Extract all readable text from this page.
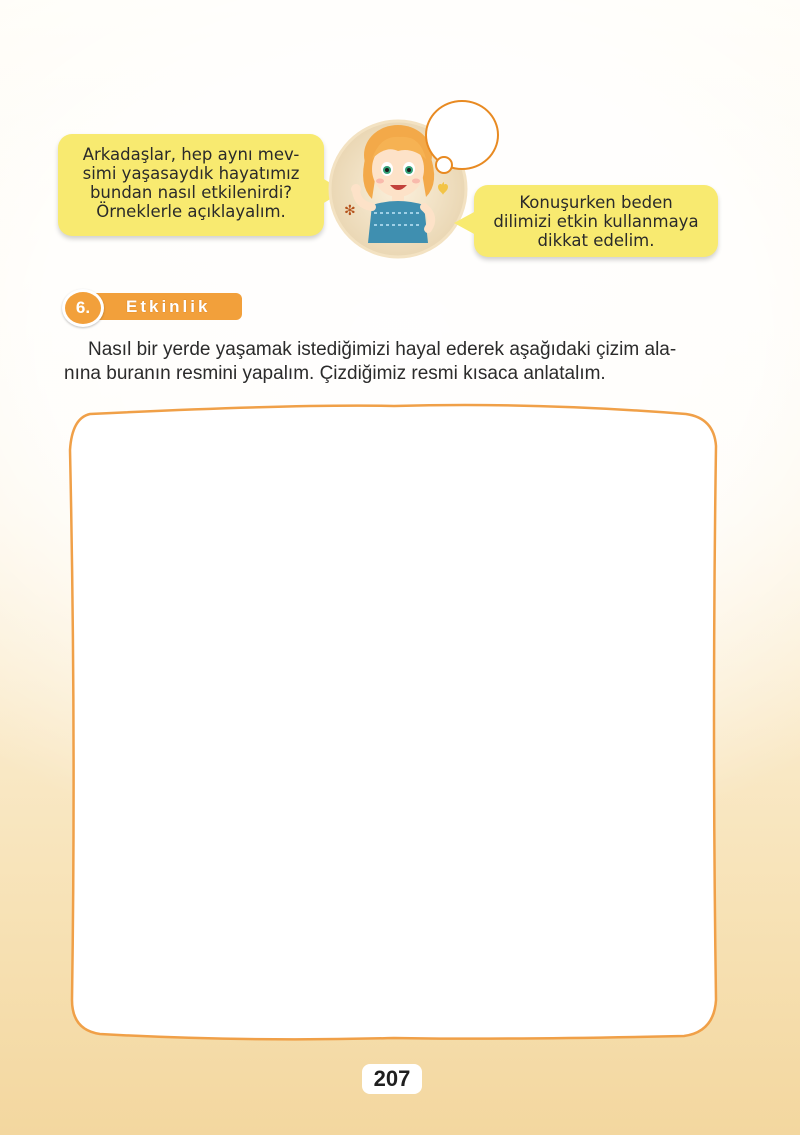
Arkadaşlar, hep aynı mev-
simi yaşasaydık hayatımız
bundan nasıl etkilenirdi?
Örneklerle açıklayalım.	✻	Konuşurken beden
dilimizi etkin kullanmaya
dikkat edelim.
Etkinlik
6.
Nasıl bir yerde yaşamak istediğimizi hayal ederek aşağıdaki çizim ala-
nına buranın resmini yapalım. Çizdiğimiz resmi kısaca anlatalım.
207
